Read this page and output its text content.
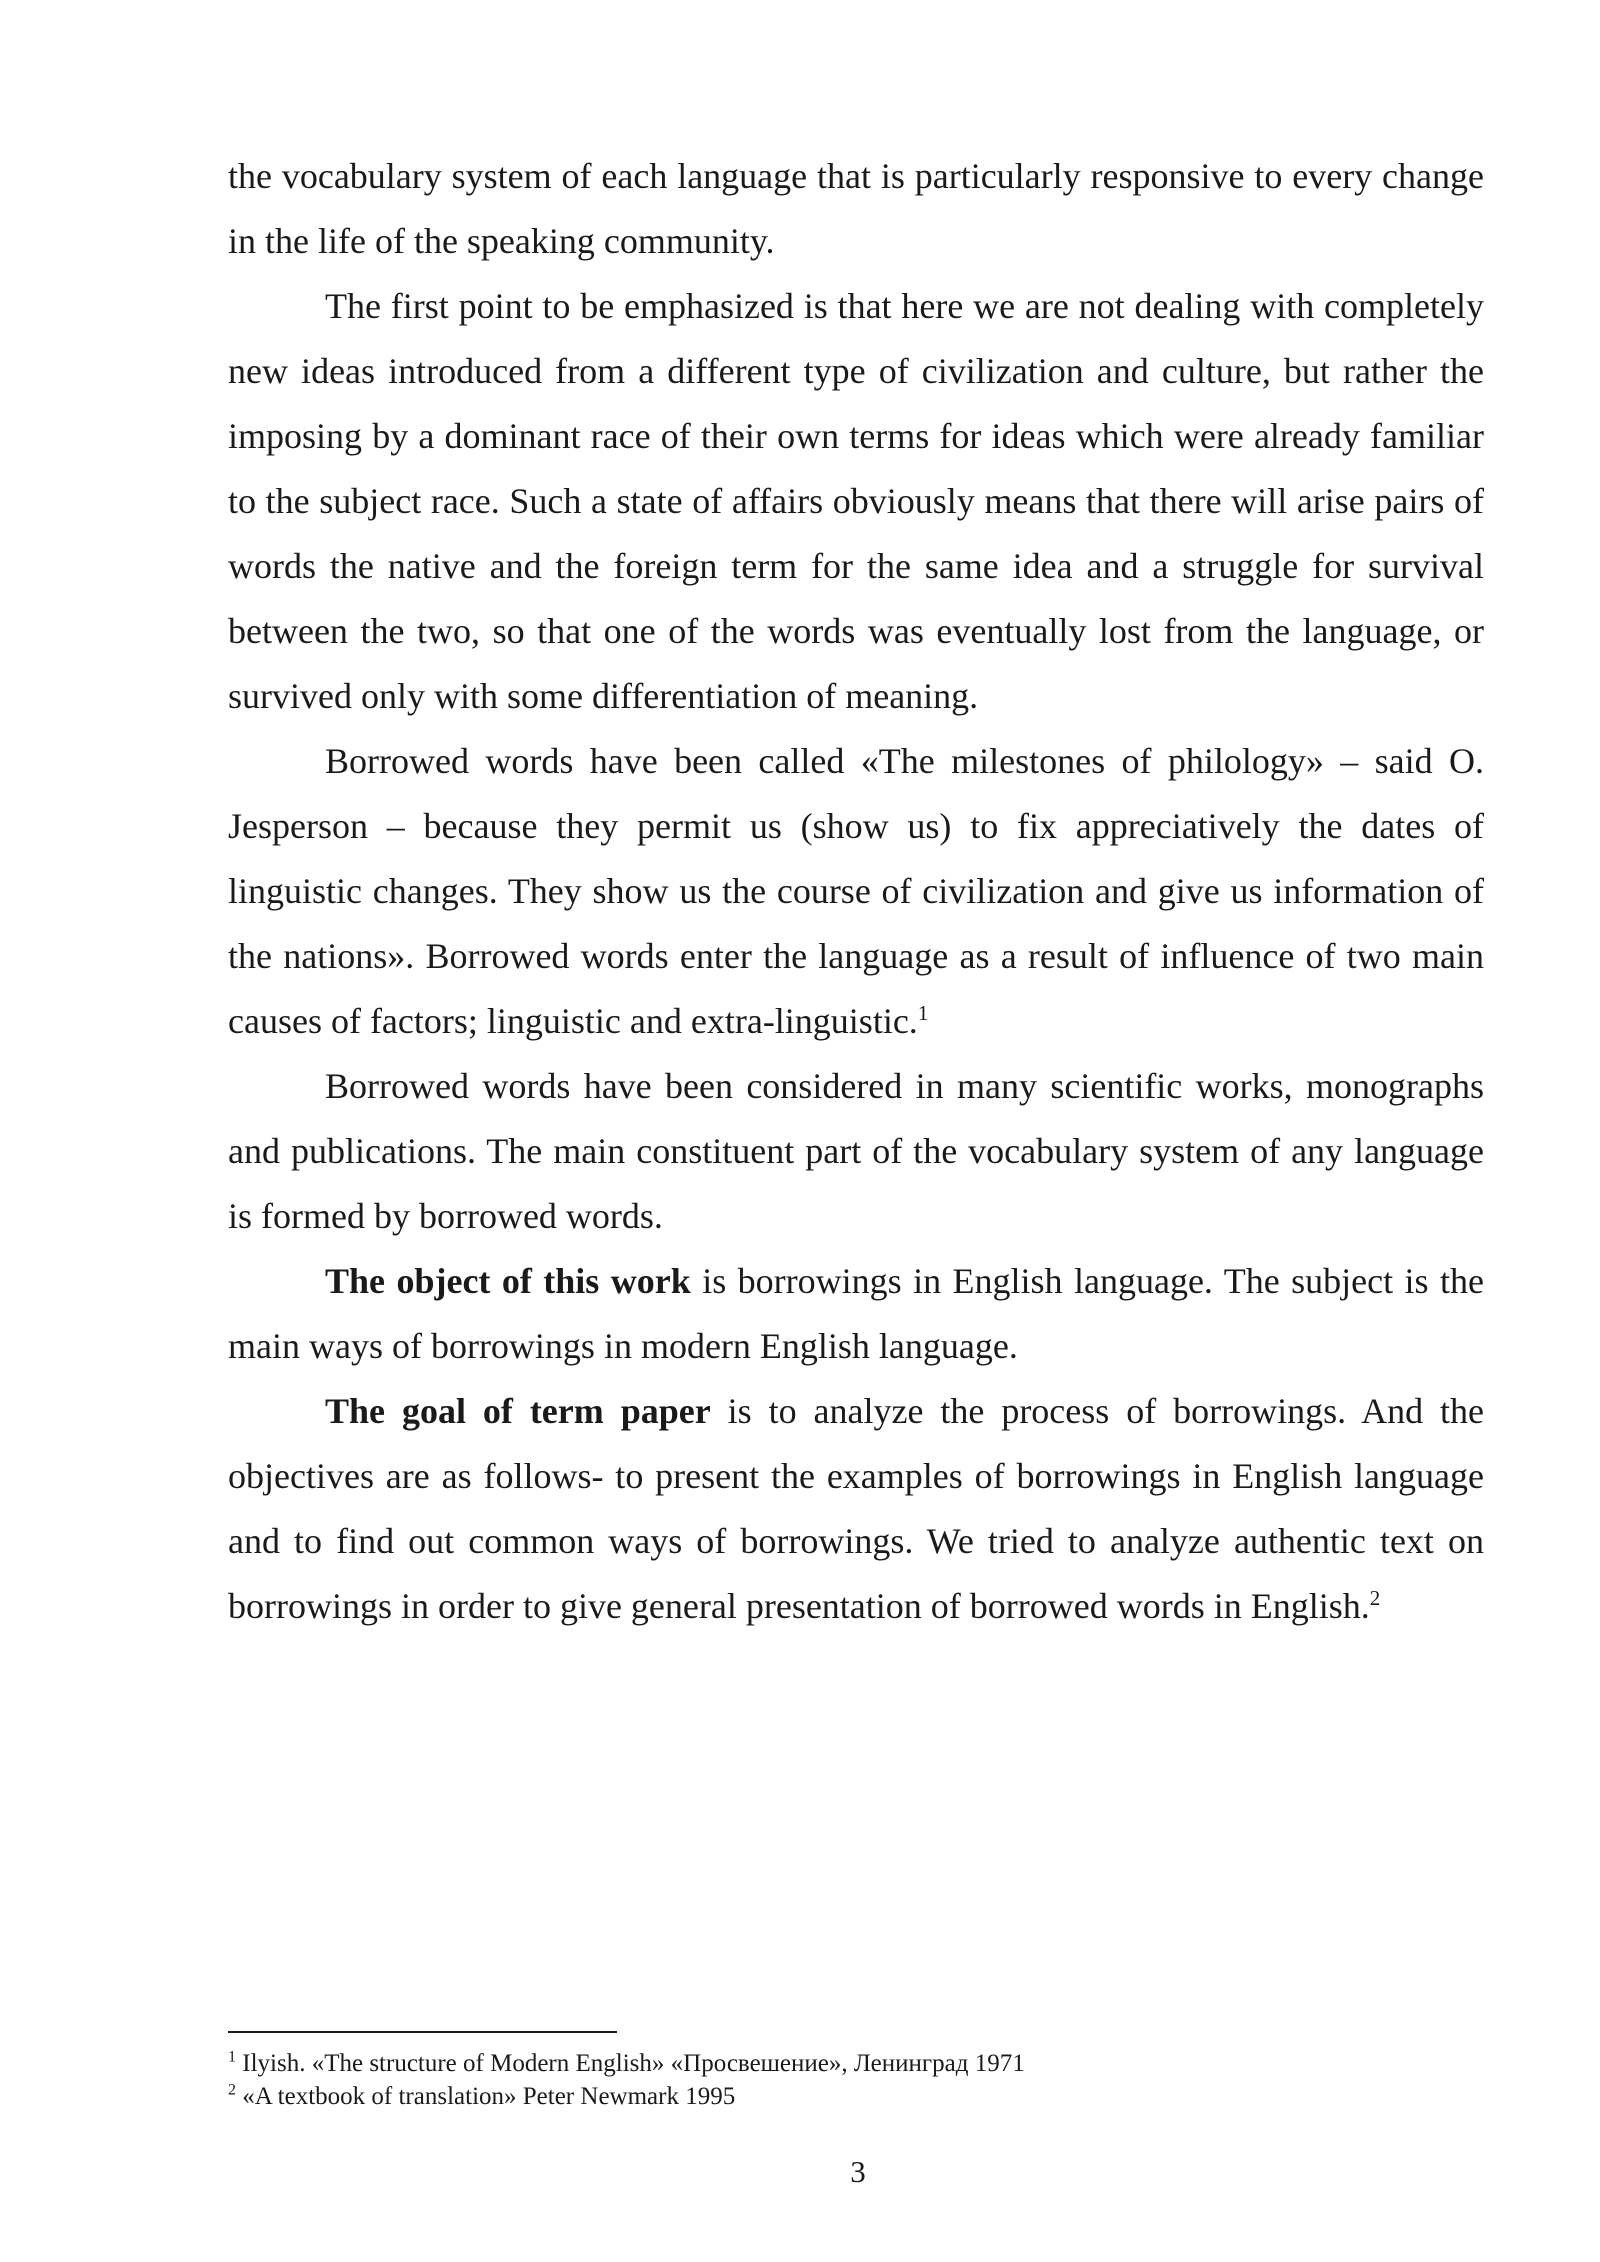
the vocabulary system of each language that is particularly responsive to every change in the life of the speaking community.

The first point to be emphasized is that here we are not dealing with completely new ideas introduced from a different type of civilization and culture, but rather the imposing by a dominant race of their own terms for ideas which were already familiar to the subject race. Such a state of affairs obviously means that there will arise pairs of words the native and the foreign term for the same idea and a struggle for survival between the two, so that one of the words was eventually lost from the language, or survived only with some differentiation of meaning.

Borrowed words have been called «The milestones of philology» – said O. Jesperson – because they permit us (show us) to fix appreciatively the dates of linguistic changes. They show us the course of civilization and give us information of the nations». Borrowed words enter the language as a result of influence of two main causes of factors; linguistic and extra-linguistic.$^1$

Borrowed words have been considered in many scientific works, monographs and publications. The main constituent part of the vocabulary system of any language is formed by borrowed words.

The object of this work is borrowings in English language. The subject is the main ways of borrowings in modern English language.

The goal of term paper is to analyze the process of borrowings. And the objectives are as follows- to present the examples of borrowings in English language and to find out common ways of borrowings. We tried to analyze authentic text on borrowings in order to give general presentation of borrowed words in English.$^2$

$^1$ Ilyish. «The structure of Modern English» «Просвешение», Ленинград 1971

$^2$ «A textbook of translation» Peter Newmark 1995

3
